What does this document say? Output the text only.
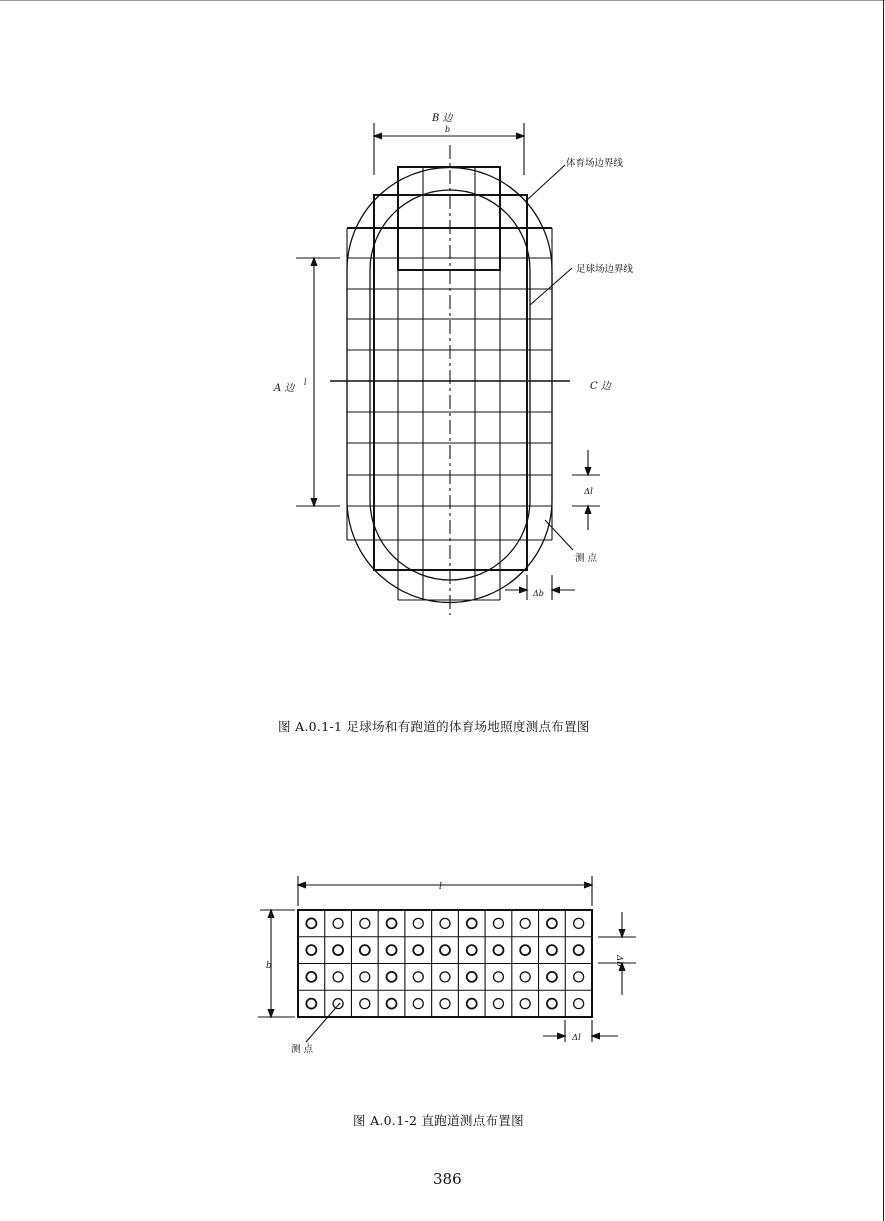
B 边
b
体育场边界线
足球场边界线
A 边
l	C 边
Δl
测 点
Δb
图 A.0.1-1 足球场和有跑道的体育场地照度测点布置图
l
b	Δb
Δl
测 点
图 A.0.1-2 直跑道测点布置图
386
